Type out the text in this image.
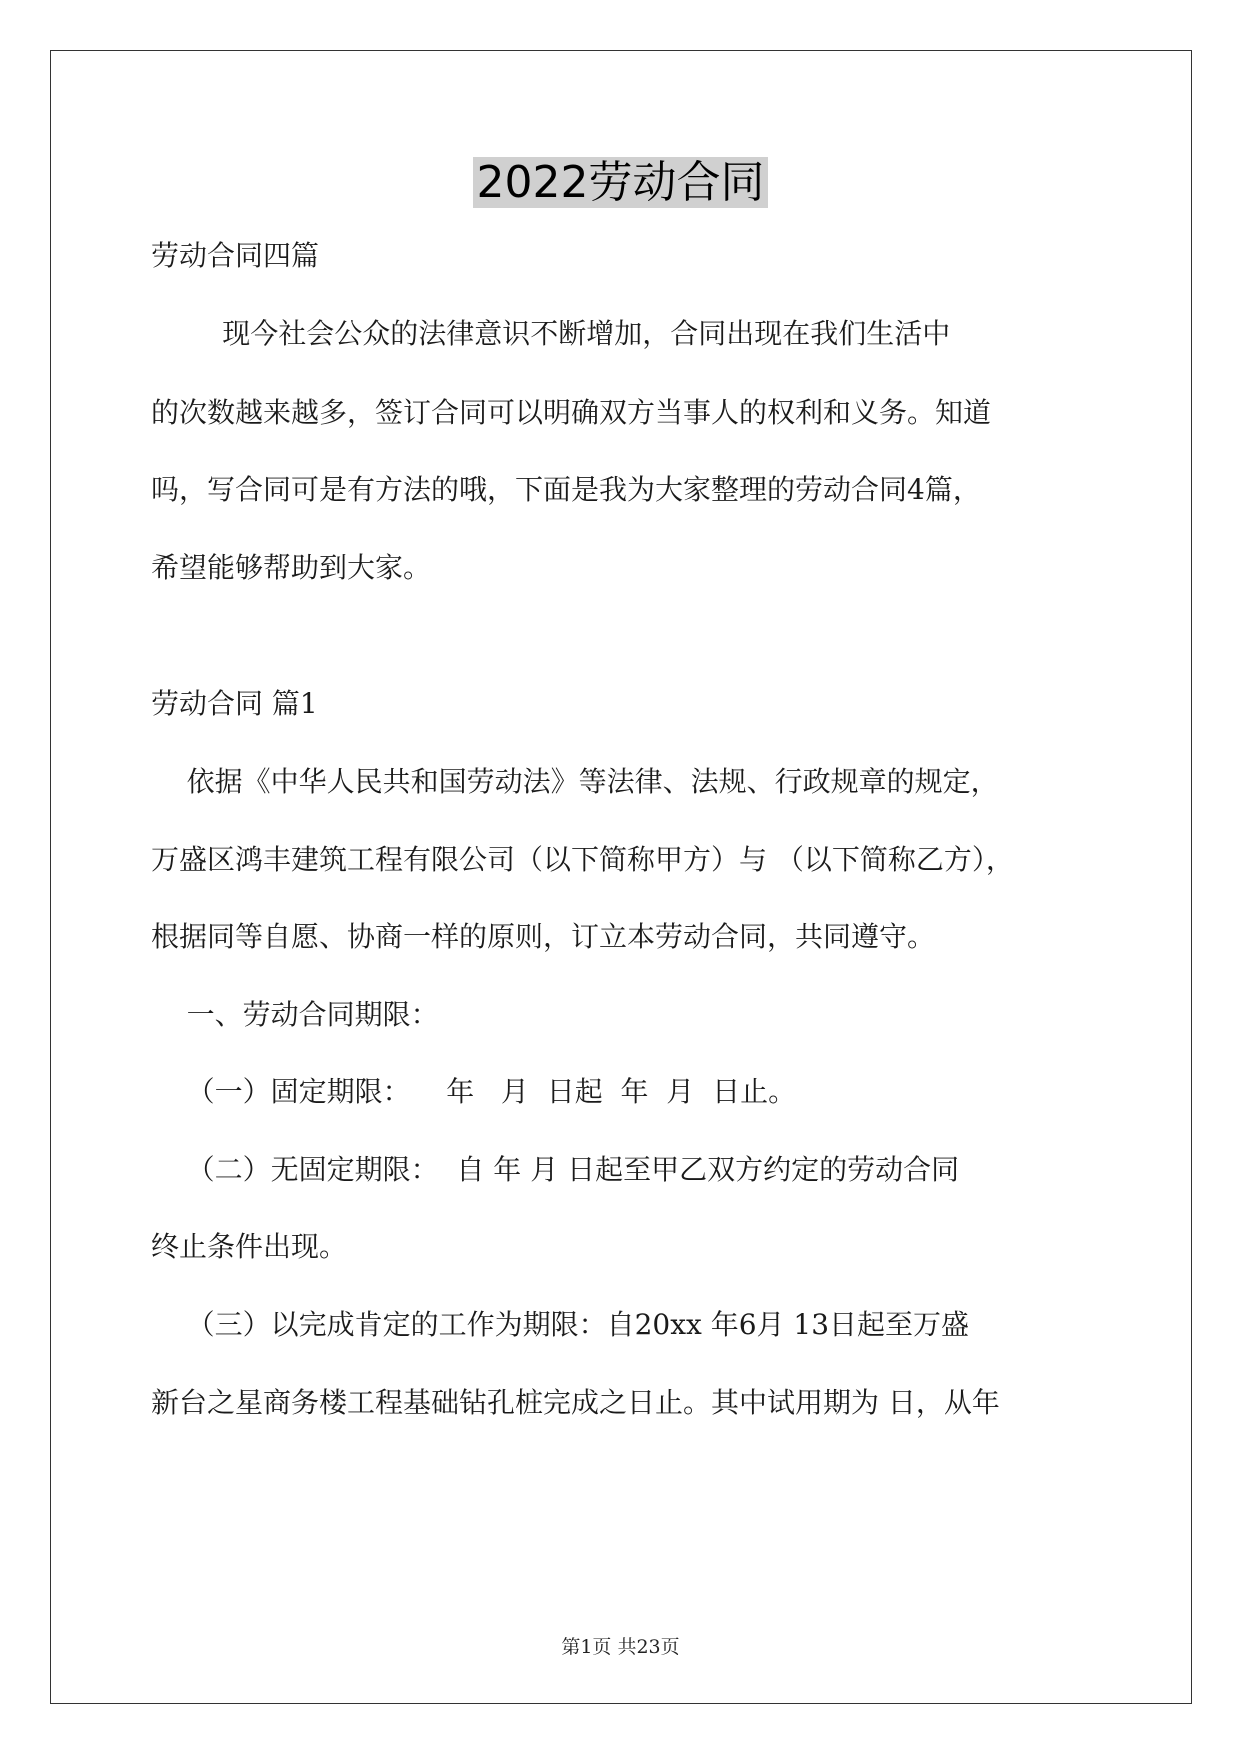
2022劳动合同
劳动合同四篇
现今社会公众的法律意识不断增加，合同出现在我们生活中
的次数越来越多，签订合同可以明确双方当事人的权利和义务。知道
吗，写合同可是有方法的哦，下面是我为大家整理的劳动合同4篇，
希望能够帮助到大家。
劳动合同 篇1
依据《中华人民共和国劳动法》等法律、法规、行政规章的规定，
万盛区鸿丰建筑工程有限公司（以下简称甲方）与 （以下简称乙方），
根据同等自愿、协商一样的原则，订立本劳动合同，共同遵守。
一、劳动合同期限：
（一）固定期限：    年   月  日起  年  月  日止。
（二）无固定期限：  自 年 月 日起至甲乙双方约定的劳动合同
终止条件出现。
（三）以完成肯定的工作为期限：自20xx 年6月 13日起至万盛
新台之星商务楼工程基础钻孔桩完成之日止。其中试用期为 日，从年
第1页 共23页
